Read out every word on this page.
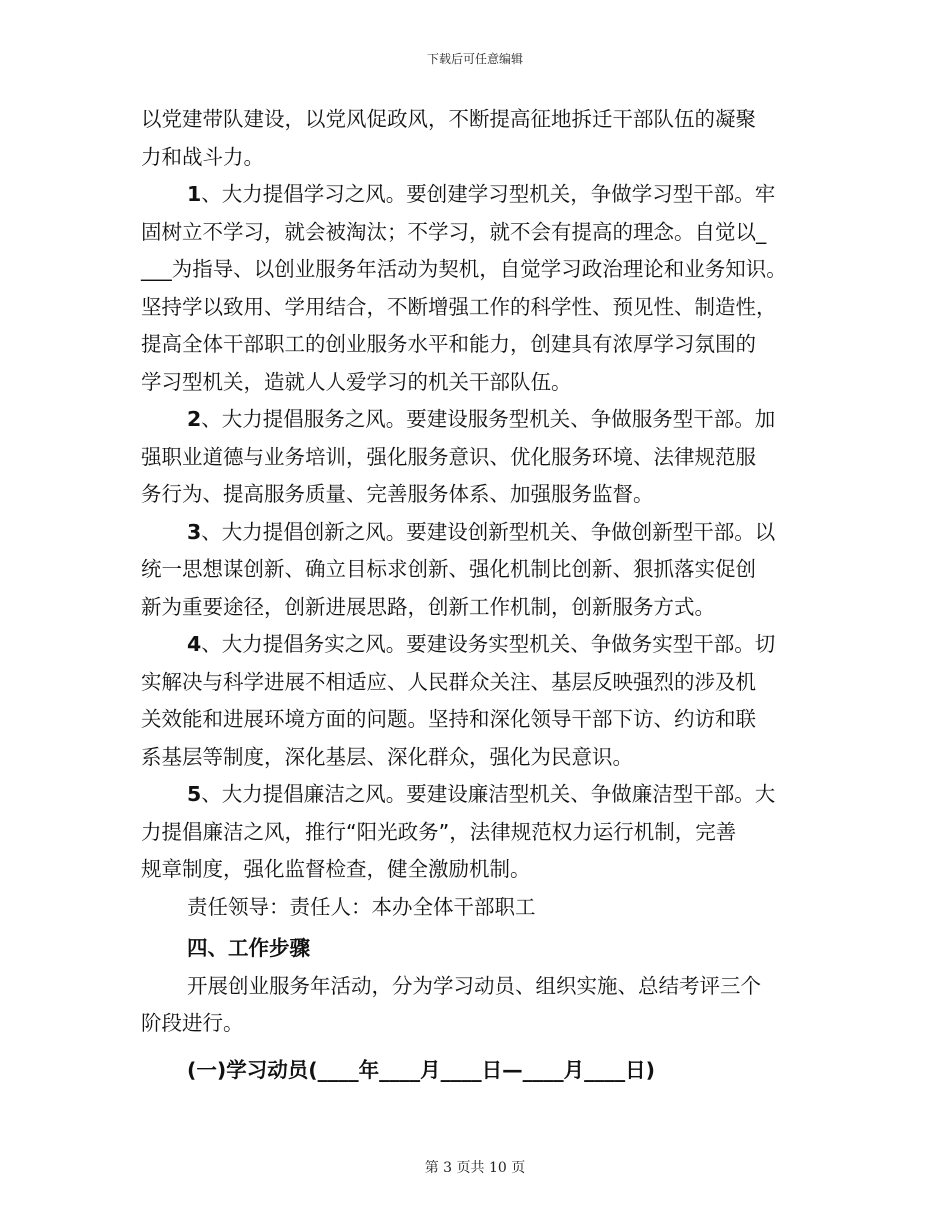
下载后可任意编辑

以党建带队建设，以党风促政风，不断提高征地拆迁干部队伍的凝聚
力和战斗力。

1、大力提倡学习之风。要创建学习型机关，争做学习型干部。牢
固树立不学习，就会被淘汰；不学习，就不会有提高的理念。自觉以_
___为指导、以创业服务年活动为契机，自觉学习政治理论和业务知识。
坚持学以致用、学用结合，不断增强工作的科学性、预见性、制造性，
提高全体干部职工的创业服务水平和能力，创建具有浓厚学习氛围的
学习型机关，造就人人爱学习的机关干部队伍。

2、大力提倡服务之风。要建设服务型机关、争做服务型干部。加
强职业道德与业务培训，强化服务意识、优化服务环境、法律规范服
务行为、提高服务质量、完善服务体系、加强服务监督。

3、大力提倡创新之风。要建设创新型机关、争做创新型干部。以
统一思想谋创新、确立目标求创新、强化机制比创新、狠抓落实促创
新为重要途径，创新进展思路，创新工作机制，创新服务方式。

4、大力提倡务实之风。要建设务实型机关、争做务实型干部。切
实解决与科学进展不相适应、人民群众关注、基层反映强烈的涉及机
关效能和进展环境方面的问题。坚持和深化领导干部下访、约访和联
系基层等制度，深化基层、深化群众，强化为民意识。

5、大力提倡廉洁之风。要建设廉洁型机关、争做廉洁型干部。大
力提倡廉洁之风，推行“阳光政务”，法律规范权力运行机制，完善
规章制度，强化监督检查，健全激励机制。

责任领导：责任人：本办全体干部职工

四、工作步骤

开展创业服务年活动，分为学习动员、组织实施、总结考评三个
阶段进行。

(一)学习动员(____年____月____日—____月____日)

第 3 页共 10 页
